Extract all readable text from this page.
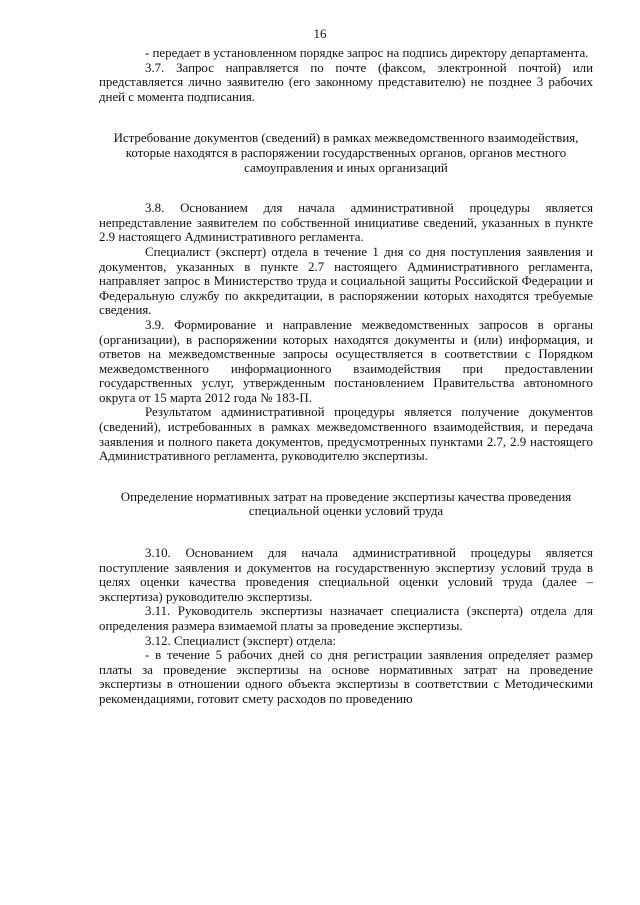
16

- передает в установленном порядке запрос на подпись директору департамента.

3.7. Запрос направляется по почте (факсом, электронной почтой) или представляется лично заявителю (его законному представителю) не позднее 3 рабочих дней с момента подписания.

Истребование документов (сведений) в рамках межведомственного взаимодействия, которые находятся в распоряжении государственных органов, органов местного самоуправления и иных организаций

3.8. Основанием для начала административной процедуры является непредставление заявителем по собственной инициативе сведений, указанных в пункте 2.9 настоящего Административного регламента.

Специалист (эксперт) отдела в течение 1 дня со дня поступления заявления и документов, указанных в пункте 2.7 настоящего Административного регламента, направляет запрос в Министерство труда и социальной защиты Российской Федерации и Федеральную службу по аккредитации, в распоряжении которых находятся требуемые сведения.

3.9. Формирование и направление межведомственных запросов в органы (организации), в распоряжении которых находятся документы и (или) информация, и ответов на межведомственные запросы осуществляется в соответствии с Порядком межведомственного информационного взаимодействия при предоставлении государственных услуг, утвержденным постановлением Правительства автономного округа от 15 марта 2012 года № 183-П.

Результатом административной процедуры является получение документов (сведений), истребованных в рамках межведомственного взаимодействия, и передача заявления и полного пакета документов, предусмотренных пунктами 2.7, 2.9 настоящего Административного регламента, руководителю экспертизы.

Определение нормативных затрат на проведение экспертизы качества проведения специальной оценки условий труда

3.10. Основанием для начала административной процедуры является поступление заявления и документов на государственную экспертизу условий труда в целях оценки качества проведения специальной оценки условий труда (далее – экспертиза) руководителю экспертизы.

3.11. Руководитель экспертизы назначает специалиста (эксперта) отдела для определения размера взимаемой платы за проведение экспертизы.

3.12. Специалист (эксперт) отдела:

- в течение 5 рабочих дней со дня регистрации заявления определяет размер платы за проведение экспертизы на основе нормативных затрат на проведение экспертизы в отношении одного объекта экспертизы в соответствии с Методическими рекомендациями, готовит смету расходов по проведению
